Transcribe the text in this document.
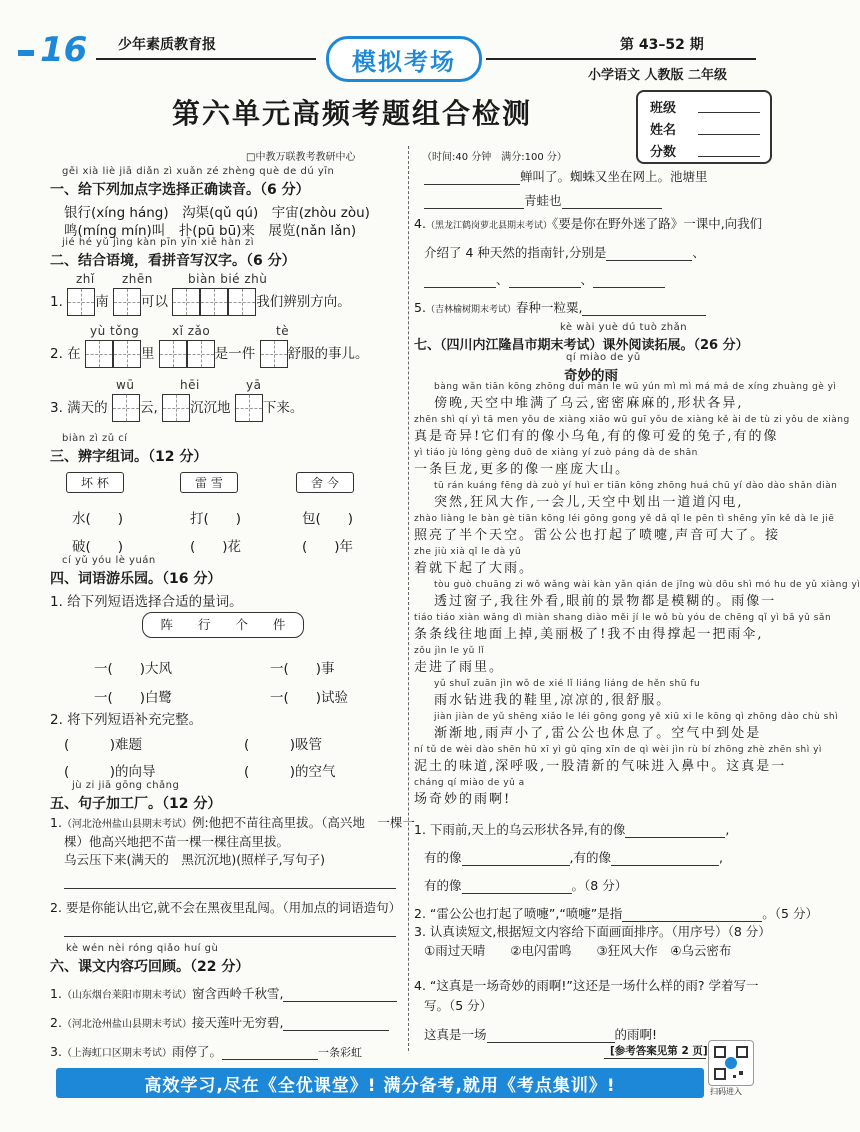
16 少年素质教育报
模拟考场
第 43–52 期
小学语文 人教版 二年级
第六单元高频考题组合检测	班级
姓名
分数
□中教万联教考教研中心	（时间:40 分钟　满分:100 分）
gěi xià liè jiā diǎn zì xuǎn zé zhèng què de dú yīn
一、给下列加点字选择正确读音。（6 分）
银行(xíng háng)　 沟渠(qǔ qú)　 宇宙(zhòu zòu)
鸣(míng mín)叫　 扑(pū bū)来　 展览(nǎn lǎn)
jié hé yǔ jìng kàn pīn yīn xiě hàn zì
二、结合语境，看拼音写汉字。（6 分）
zhǐ zhēn	biàn bié zhù
1. 南 可以	我们辨别方向。
yù tǒng	xǐ zǎo	tè
2. 在	里	是一件 舒服的事儿。
wū	hēi	yā
3. 满天的 云, 沉沉地 下来。
biàn zì zǔ cí
三、辨字组词。（12 分）
坏 杯	雷 雪	舍 今
水(　　)	打(　　)	包(　　)
破(　　)	(　　)花	(　　)年
cí yǔ yóu lè yuán
四、词语游乐园。（16 分）
1. 给下列短语选择合适的量词。
阵　　行　　个　　件
一(　　)大风	一(　　)事
一(　　)白鹭	一(　　)试验
2. 将下列短语补充完整。
(　　　)难题	(　　　)吸管
(　　　)的向导	(　　　)的空气
jù zi jiā gōng chǎng
五、句子加工厂。（12 分）
1.（河北沧州盐山县期末考试）例:他把不苗往高里拔。（高兴地　一棵一
棵）他高兴地把不苗一棵一棵往高里拔。
乌云压下来(满天的　黑沉沉地)(照样子,写句子)
2. 要是你能认出它,就不会在黑夜里乱闯。（用加点的词语造句）
kè wén nèi róng qiǎo huí gù
六、课文内容巧回顾。（22 分）
1.（山东烟台莱阳市期末考试）窗含西岭千秋雪,
2.（河北沧州盐山县期末考试）接天莲叶无穷碧,
3.（上海虹口区期末考试）雨停了。	一条彩虹
蝉叫了。蜘蛛又坐在网上。池塘里
青蛙也
4.（黑龙江鹤岗萝北县期末考试）《要是你在野外迷了路》一课中,向我们
介绍了 4 种天然的指南针,分别是	、
、	、
5.（吉林榆树期末考试）春种一粒粟,
kè wài yuè dú tuò zhǎn
七、（四川内江隆昌市期末考试）课外阅读拓展。（26 分）
qí miào de yǔ
奇妙的雨
bàng wǎn tiān kōng zhōng duī mǎn le wū yún mì mì má má de xíng zhuàng gè yì
傍晚,天空中堆满了乌云,密密麻麻的,形状各异,
zhēn shì qí yì tā men yǒu de xiàng xiǎo wū guī yǒu de xiàng kě ài de tù zi yǒu de xiàng
真是奇异!它们有的像小乌龟,有的像可爱的兔子,有的像
yì tiáo jù lóng gèng duō de xiàng yí zuò páng dà de shān
一条巨龙,更多的像一座庞大山。
tū rán kuáng fēng dà zuò yí huì er tiān kōng zhōng huá chū yí dào dào shǎn diàn
突然,狂风大作,一会儿,天空中划出一道道闪电,
zhào liàng le bàn gè tiān kōng léi gōng gong yě dǎ qǐ le pēn tì shēng yīn kě dà le jiē
照亮了半个天空。雷公公也打起了喷嚏,声音可大了。接
zhe jiù xià qǐ le dà yǔ
着就下起了大雨。
tòu guò chuāng zi wǒ wǎng wài kàn yǎn qián de jǐng wù dōu shì mó hu de yǔ xiàng yì
透过窗子,我往外看,眼前的景物都是模糊的。雨像一
tiáo tiáo xiàn wǎng dì miàn shang diào měi jí le wǒ bù yóu de chēng qǐ yì bǎ yǔ sǎn
条条线往地面上掉,美丽极了!我不由得撑起一把雨伞,
zǒu jìn le yǔ lǐ
走进了雨里。
yǔ shuǐ zuān jìn wǒ de xié lǐ liáng liáng de hěn shū fu
雨水钻进我的鞋里,凉凉的,很舒服。
jiàn jiàn de yǔ shēng xiǎo le léi gōng gong yě xiū xi le kōng qì zhōng dào chù shì
渐渐地,雨声小了,雷公公也休息了。空气中到处是
ní tǔ de wèi dào shēn hū xī yì gǔ qīng xīn de qì wèi jìn rù bí zhōng zhè zhēn shì yì
泥土的味道,深呼吸,一股清新的气味进入鼻中。这真是一
cháng qí miào de yǔ a
场奇妙的雨啊!
1. 下雨前,天上的乌云形状各异,有的像	,
有的像	,有的像	,
有的像	。（8 分）
2. “雷公公也打起了喷嚏”,“喷嚏”是指	。（5 分）
3. 认真读短文,根据短文内容给下面画面排序。（用序号）（8 分）
①雨过天晴　　 ②电闪雷鸣　　 ③狂风大作　 ④乌云密布
4. “这真是一场奇妙的雨啊!”这还是一场什么样的雨? 学着写一
写。（5 分）
这真是一场	的雨啊!
[参考答案见第 2 页]
扫码进入
高效学习,尽在《全优课堂》! 满分备考,就用《考点集训》!
